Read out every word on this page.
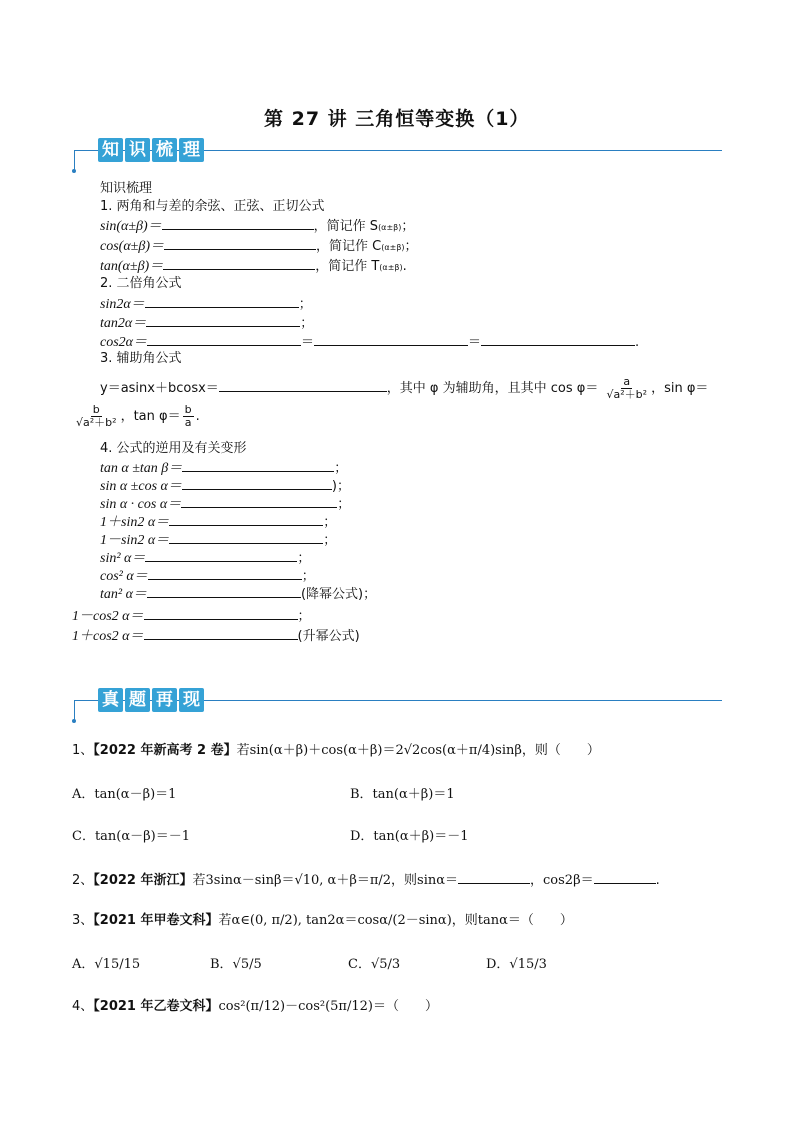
第 27 讲 三角恒等变换（1）
知 识 梳 理
知识梳理
1. 两角和与差的余弦、正弦、正切公式
sin(α±β)＝	，简记作 S(α±β)；
cos(α±β)＝	，简记作 C(α±β)；
tan(α±β)＝	，简记作 T(α±β).
2. 二倍角公式
sin2α＝	；
tan2α＝	；
cos2α＝	＝	＝	.
3. 辅助角公式
y＝asinx＋bcosx＝	，其中 φ 为辅助角，且其中 $\cos \varphi= \frac{a}{\text{√a²＋b²}}$ ，sin φ＝
$\frac{b}{\text{√a²＋b²}}$ ，$\tan \varphi= \frac{b}{a}$ .
4. 公式的逆用及有关变形
tan α ±tan β＝	；
sin α ±cos α＝	)；
sin α · cos α＝	；
1＋sin2 α＝	；
1－sin2 α＝	；
sin² α＝	；
cos² α＝	；
tan² α＝	(降幂公式)；
1－cos2 α＝	；
1＋cos2 α＝	(升幂公式)
真 题 再 现
1、【2022 年新高考 2 卷】若sin(α＋β)＋cos(α＋β)＝2√2cos(α＋π/4)sinβ，则（　　）
A．tan(α－β)＝1	B．tan(α＋β)＝1
C．tan(α－β)＝－1	D．tan(α＋β)＝－1
2、【2022 年浙江】若3sinα－sinβ＝√10, α＋β＝π/2，则sinα＝	，cos2β＝	.
3、【2021 年甲卷文科】若α∈(0, π/2), tan2α＝cosα/(2－sinα)，则tanα＝（　　）
A．√15/15	B．√5/5	C．√5/3	D．√15/3
4、【2021 年乙卷文科】cos²(π/12)－cos²(5π/12)＝（　　）
